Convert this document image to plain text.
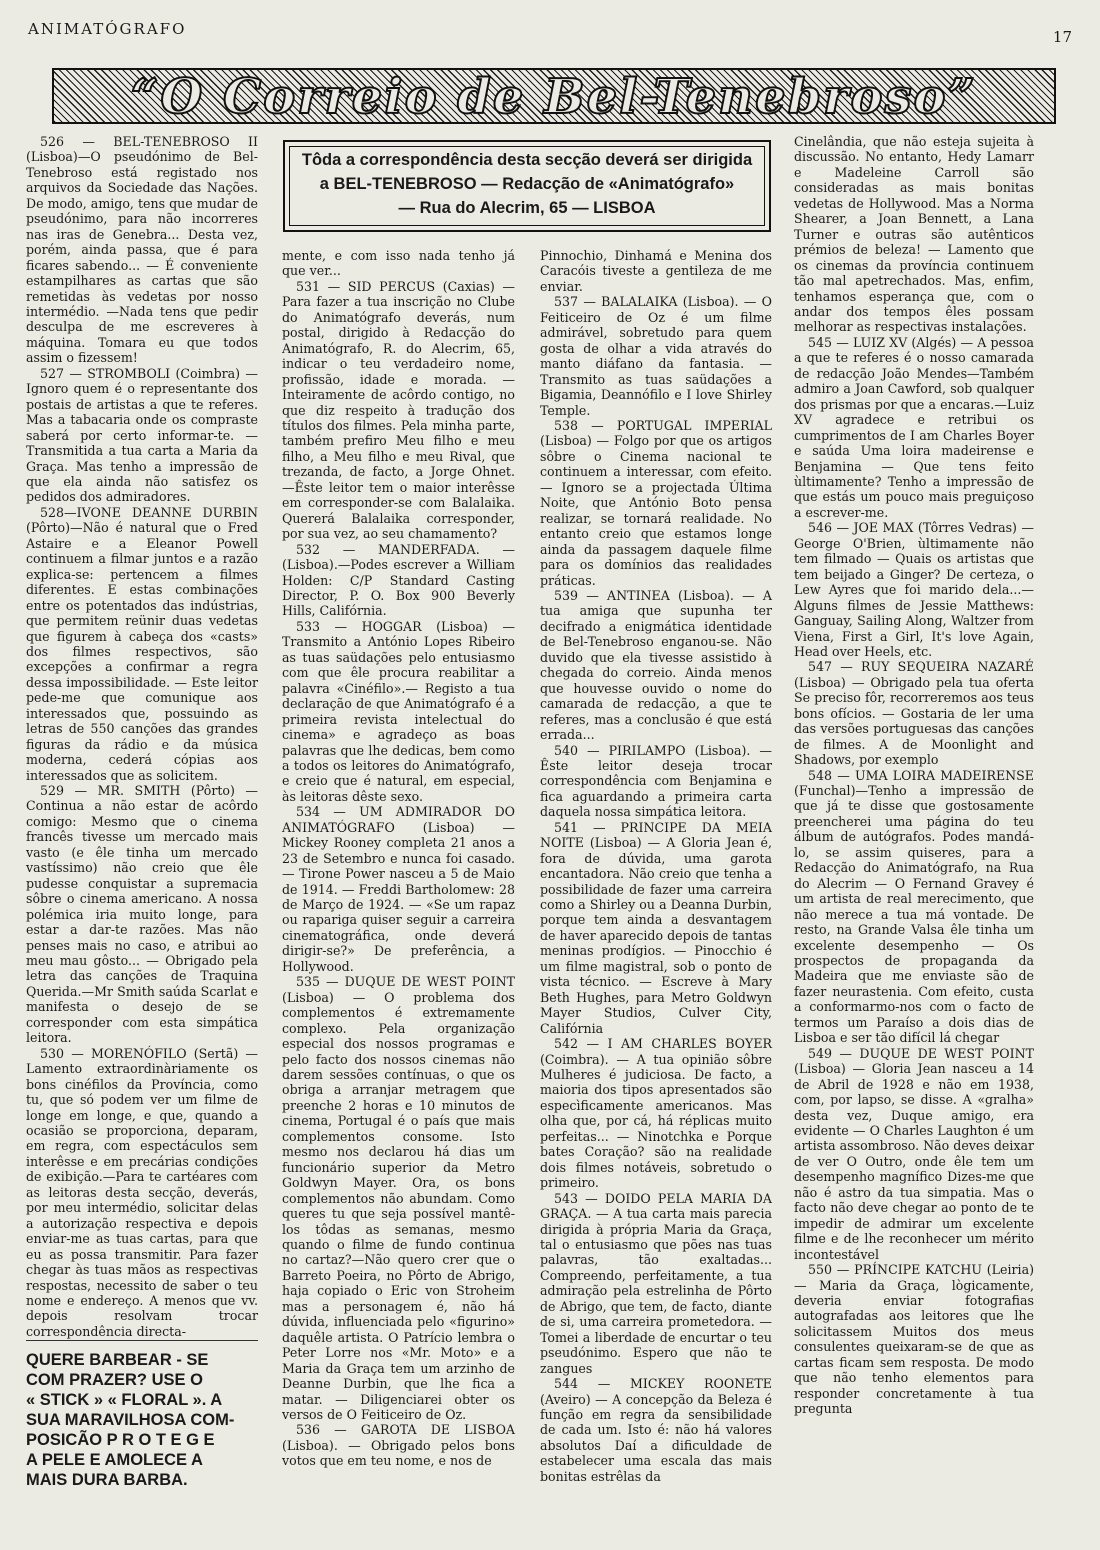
ANIMATÓGRAFO	17
“O Correio de Bel-Tenebroso”
Tôda a correspondência desta secção deverá ser dirigida
a BEL-TENEBROSO — Redacção de «Animatógrafo»
— Rua do Alecrim, 65 — LISBOA

526 — BEL-TENEBROSO II (Lisboa)—O pseudónimo de Bel-Tenebroso está registado nos arquivos da Sociedade das Nações. De modo, amigo, tens que mudar de pseudónimo, para não incorreres nas iras de Genebra... Desta vez, porém, ainda passa, que é para ficares sabendo... — É conveniente estampilhares as cartas que são remetidas às vedetas por nosso intermédio. —Nada tens que pedir desculpa de me escreveres à máquina. Tomara eu que todos assim o fizessem!

527 — STROMBOLI (Coimbra) — Ignoro quem é o representante dos postais de artistas a que te referes. Mas a tabacaria onde os compraste saberá por certo informar-te. — Transmitida a tua carta a Maria da Graça. Mas tenho a impressão de que ela ainda não satisfez os pedidos dos admiradores.

528—IVONE DEANNE DURBIN (Pôrto)—Não é natural que o Fred Astaire e a Eleanor Powell continuem a filmar juntos e a razão explica-se: pertencem a filmes diferentes. E estas combinações entre os potentados das indústrias, que permitem reünir duas vedetas que figurem à cabeça dos «casts» dos filmes respectivos, são excepções a confirmar a regra dessa impossibilidade. — Este leitor pede-me que comunique aos interessados que, possuindo as letras de 550 canções das grandes figuras da rádio e da música moderna, cederá cópias aos interessados que as solicitem.

529 — MR. SMITH (Pôrto) — Continua a não estar de acôrdo comigo: Mesmo que o cinema francês tivesse um mercado mais vasto (e êle tinha um mercado vastíssimo) não creio que êle pudesse conquistar a supremacia sôbre o cinema americano. A nossa polémica iria muito longe, para estar a dar-te razões. Mas não penses mais no caso, e atribui ao meu mau gôsto... — Obrigado pela letra das canções de Traquina Querida.—Mr Smith saúda Scarlat e manifesta o desejo de se corresponder com esta simpática leitora.

530 — MORENÓFILO (Sertã) — Lamento extraordinàriamente os bons cinéfilos da Província, como tu, que só podem ver um filme de longe em longe, e que, quando a ocasião se proporciona, deparam, em regra, com espectáculos sem interêsse e em precárias condições de exibição.—Para te cartéares com as leitoras desta secção, deverás, por meu intermédio, solicitar delas a autorização respectiva e depois enviar-me as tuas cartas, para que eu as possa transmitir. Para fazer chegar às tuas mãos as respectivas respostas, necessito de saber o teu nome e endereço. A menos que vv. depois resolvam trocar correspondência directa-

QUERE BARBEAR - SE
COM PRAZER? USE O
« STICK » « FLORAL ». A
SUA MARAVILHOSA COM-
POSICÃO P R O T E G E
A PELE E AMOLECE A
MAIS DURA BARBA.

mente, e com isso nada tenho já que ver...

531 — SID PERCUS (Caxias) — Para fazer a tua inscrição no Clube do Animatógrafo deverás, num postal, dirigido à Redacção do Animatógrafo, R. do Alecrim, 65, indicar o teu verdadeiro nome, profissão, idade e morada. — Inteiramente de acôrdo contigo, no que diz respeito à tradução dos títulos dos filmes. Pela minha parte, também prefiro Meu filho e meu filho, a Meu filho e meu Rival, que trezanda, de facto, a Jorge Ohnet. —Êste leitor tem o maior interêsse em corresponder-se com Balalaika. Quererá Balalaika corresponder, por sua vez, ao seu chamamento?

532 — MANDERFADA. — (Lisboa).—Podes escrever a William Holden: C/P Standard Casting Director, P. O. Box 900 Beverly Hills, Califórnia.

533 — HOGGAR (Lisboa) — Transmito a António Lopes Ribeiro as tuas saüdações pelo entusiasmo com que êle procura reabilitar a palavra «Cinéfilo».— Registo a tua declaração de que Animatógrafo é a primeira revista intelectual do cinema» e agradeço as boas palavras que lhe dedicas, bem como a todos os leitores do Animatógrafo, e creio que é natural, em especial, às leitoras dêste sexo.

534 — UM ADMIRADOR DO ANIMATÓGRAFO (Lisboa) — Mickey Rooney completa 21 anos a 23 de Setembro e nunca foi casado. — Tirone Power nasceu a 5 de Maio de 1914. — Freddi Bartholomew: 28 de Março de 1924. — «Se um rapaz ou rapariga quiser seguir a carreira cinematográfica, onde deverá dirigir-se?» De preferência, a Hollywood.

535 — DUQUE DE WEST POINT (Lisboa) — O problema dos complementos é extremamente complexo. Pela organização especial dos nossos programas e pelo facto dos nossos cinemas não darem sessões contínuas, o que os obriga a arranjar metragem que preenche 2 horas e 10 minutos de cinema, Portugal é o país que mais complementos consome. Isto mesmo nos declarou há dias um funcionário superior da Metro Goldwyn Mayer. Ora, os bons complementos não abundam. Como queres tu que seja possível mantê-los tôdas as semanas, mesmo quando o filme de fundo continua no cartaz?—Não quero crer que o Barreto Poeira, no Pôrto de Abrigo, haja copiado o Eric von Stroheim mas a personagem é, não há dúvida, influenciada pelo «figurino» daquêle artista. O Patrício lembra o Peter Lorre nos «Mr. Moto» e a Maria da Graça tem um arzinho de Deanne Durbin, que lhe fica a matar. — Diligenciarei obter os versos de O Feiticeiro de Oz.

536 — GAROTA DE LISBOA (Lisboa). — Obrigado pelos bons votos que em teu nome, e nos de

Pinnochio, Dinhamá e Menina dos Caracóis tiveste a gentileza de me enviar.

537 — BALALAIKA (Lisboa). — O Feiticeiro de Oz é um filme admirável, sobretudo para quem gosta de olhar a vida através do manto diáfano da fantasia. — Transmito as tuas saüdações a Bigamia, Deannófilo e I love Shirley Temple.

538 — PORTUGAL IMPERIAL (Lisboa) — Folgo por que os artigos sôbre o Cinema nacional te continuem a interessar, com efeito. — Ignoro se a projectada Última Noite, que António Boto pensa realizar, se tornará realidade. No entanto creio que estamos longe ainda da passagem daquele filme para os domínios das realidades práticas.

539 — ANTINEA (Lisboa). — A tua amiga que supunha ter decifrado a enigmática identidade de Bel-Tenebroso enganou-se. Não duvido que ela tivesse assistido à chegada do correio. Ainda menos que houvesse ouvido o nome do camarada de redacção, a que te referes, mas a conclusão é que está errada...

540 — PIRILAMPO (Lisboa). — Êste leitor deseja trocar correspondência com Benjamina e fica aguardando a primeira carta daquela nossa simpática leitora.

541 — PRINCIPE DA MEIA NOITE (Lisboa) — A Gloria Jean é, fora de dúvida, uma garota encantadora. Não creio que tenha a possibilidade de fazer uma carreira como a Shirley ou a Deanna Durbin, porque tem ainda a desvantagem de haver aparecido depois de tantas meninas prodígios. — Pinocchio é um filme magistral, sob o ponto de vista técnico. — Escreve à Mary Beth Hughes, para Metro Goldwyn Mayer Studios, Culver City, Califórnia

542 — I AM CHARLES BOYER (Coimbra). — A tua opinião sôbre Mulheres é judiciosa. De facto, a maioria dos tipos apresentados são especìficamente americanos. Mas olha que, por cá, há réplicas muito perfeitas... — Ninotchka e Porque bates Coração? são na realidade dois filmes notáveis, sobretudo o primeiro.

543 — DOIDO PELA MARIA DA GRAÇA. — A tua carta mais parecia dirigida à própria Maria da Graça, tal o entusiasmo que pões nas tuas palavras, tão exaltadas... Compreendo, perfeitamente, a tua admiração pela estrelinha de Pôrto de Abrigo, que tem, de facto, diante de si, uma carreira prometedora. — Tomei a liberdade de encurtar o teu pseudónimo. Espero que não te zangues

544 — MICKEY ROONETE (Aveiro) — A concepção da Beleza é função em regra da sensibilidade de cada um. Isto é: não há valores absolutos Daí a dificuldade de estabelecer uma escala das mais bonitas estrêlas da

Cinelândia, que não esteja sujeita à discussão. No entanto, Hedy Lamarr e Madeleine Carroll são consideradas as mais bonitas vedetas de Hollywood. Mas a Norma Shearer, a Joan Bennett, a Lana Turner e outras são autênticos prémios de beleza! — Lamento que os cinemas da província continuem tão mal apetrechados. Mas, enfim, tenhamos esperança que, com o andar dos tempos êles possam melhorar as respectivas instalações.

545 — LUIZ XV (Algés) — A pessoa a que te referes é o nosso camarada de redacção João Mendes—Também admiro a Joan Cawford, sob qualquer dos prismas por que a encaras.—Luiz XV agradece e retribui os cumprimentos de I am Charles Boyer e saúda Uma loira madeirense e Benjamina — Que tens feito ùltimamente? Tenho a impressão de que estás um pouco mais preguiçoso a escrever-me.

546 — JOE MAX (Tôrres Vedras) — George O'Brien, ùltimamente não tem filmado — Quais os artistas que tem beijado a Ginger? De certeza, o Lew Ayres que foi marido dela...—Alguns filmes de Jessie Matthews: Ganguay, Sailing Along, Waltzer from Viena, First a Girl, It's love Again, Head over Heels, etc.

547 — RUY SEQUEIRA NAZARÉ (Lisboa) — Obrigado pela tua oferta Se preciso fôr, recorreremos aos teus bons ofícios. — Gostaria de ler uma das versões portuguesas das canções de filmes. A de Moonlight and Shadows, por exemplo

548 — UMA LOIRA MADEIRENSE (Funchal)—Tenho a impressão de que já te disse que gostosamente preencherei uma página do teu álbum de autógrafos. Podes mandá-lo, se assim quiseres, para a Redacção do Animatógrafo, na Rua do Alecrim — O Fernand Gravey é um artista de real merecimento, que não merece a tua má vontade. De resto, na Grande Valsa êle tinha um excelente desempenho — Os prospectos de propaganda da Madeira que me enviaste são de fazer neurastenia. Com efeito, custa a conformarmo-nos com o facto de termos um Paraíso a dois dias de Lisboa e ser tão difícil lá chegar

549 — DUQUE DE WEST POINT (Lisboa) — Gloria Jean nasceu a 14 de Abril de 1928 e não em 1938, com, por lapso, se disse. A «gralha» desta vez, Duque amigo, era evidente — O Charles Laughton é um artista assombroso. Não deves deixar de ver O Outro, onde êle tem um desempenho magnífico Dizes-me que não é astro da tua simpatia. Mas o facto não deve chegar ao ponto de te impedir de admirar um excelente filme e de lhe reconhecer um mérito incontestável

550 — PRÍNCIPE KATCHU (Leiria) — Maria da Graça, lògicamente, deveria enviar fotografias autografadas aos leitores que lhe solicitassem Muitos dos meus consulentes queixaram-se de que as cartas ficam sem resposta. De modo que não tenho elementos para responder concretamente à tua pregunta
